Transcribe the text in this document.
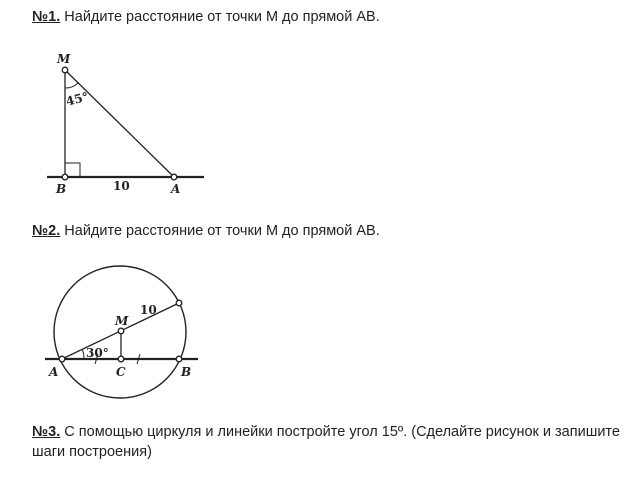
№1. Найдите расстояние от точки М до прямой АВ.
M
B	A
45°
10
M
A	C	B
30°
10
№2. Найдите расстояние от точки М до прямой АВ.
№3. С помощью циркуля и линейки постройте угол 15º. (Сделайте рисунок и запишите шаги построения)
